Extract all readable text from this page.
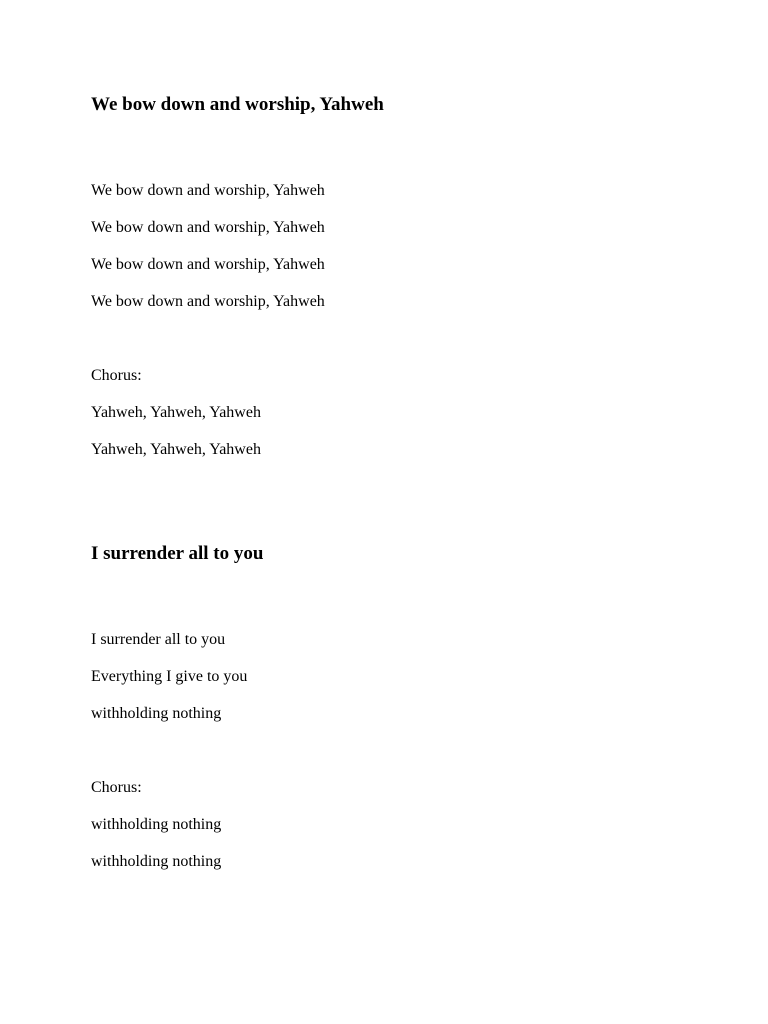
We bow down and worship, Yahweh
We bow down and worship, Yahweh
We bow down and worship, Yahweh
We bow down and worship, Yahweh
We bow down and worship, Yahweh
Chorus:
Yahweh, Yahweh, Yahweh
Yahweh, Yahweh, Yahweh
I surrender all to you
I surrender all to you
Everything I give to you
withholding nothing
Chorus:
withholding nothing
withholding nothing
